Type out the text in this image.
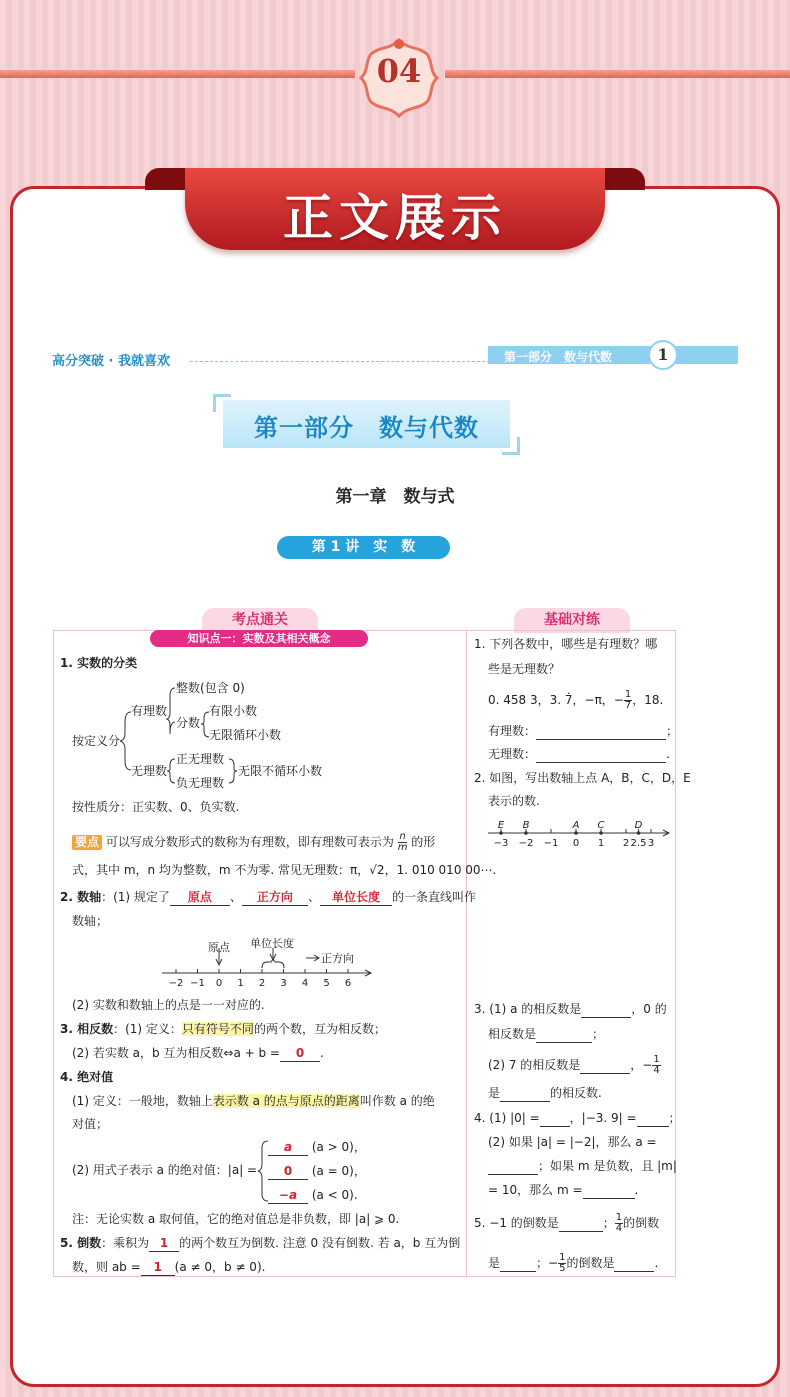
04
正文展示
高分突破 · 我就喜欢	第一部分　数与代数	1
第一部分　数与代数
第一章　数与式
第 1 讲　实　数
考点通关	基础对练
知识点一：实数及其相关概念
1. 实数的分类
按定义分
有理数
整数(包含 0)
分数
有限小数
无限循环小数
无理数
正无理数
负无理数
无限不循环小数
按性质分：正实数、0、负实数.
要点 可以写成分数形式的数称为有理数，即有理数可表示为 $\frac{n}{m}$ 的形
式，其中 m，n 均为整数，m 不为零. 常见无理数：π，√2，1. 010 010 00⋯.
2. 数轴：(1) 规定了 原点 、 正方向 、 单位长度 的一条直线叫作
数轴；
原点 单位长度
正方向
−2 −1	0	1	2	3	4	5	6
(2) 实数和数轴上的点是一一对应的.
3. 相反数：(1) 定义：只有符号不同的两个数，互为相反数；
(2) 若实数 a，b 互为相反数⇔a + b = 0 .
4. 绝对值
(1) 定义：一般地，数轴上表示数 a 的点与原点的距离叫作数 a 的绝
对值；
(2) 用式子表示 a 的绝对值：|a| =
a (a > 0)，
0 (a = 0)，
−a (a < 0).
注：无论实数 a 取何值，它的绝对值总是非负数，即 |a| ⩾ 0.
5. 倒数：乘积为 1 的两个数互为倒数. 注意 0 没有倒数. 若 a，b 互为倒
数，则 ab = 1 (a ≠ 0，b ≠ 0).
1. 下列各数中，哪些是有理数？哪
些是无理数？
0. 458 3，3. 7̇，−π，− $\frac{1}{7}$ ，18.
有理数：	；
无理数：	.
2. 如图，写出数轴上点 A，B，C，D，E
表示的数.
−3 −2 −1	0	1	2 2.5 3
E	B	A	C	D
3. (1) a 的相反数是	，0 的
相反数是	；
(2) 7 的相反数是	，− $\frac{1}{4}$
是	的相反数.
4. (1) |0| =	，|−3. 9| =	；
(2) 如果 |a| = |−2|，那么 a =
；如果 m 是负数，且 |m|
= 10，那么 m =	.
5. −1 的倒数是	； $\frac{1}{4}$ 的倒数
是	；− $\frac{1}{5}$ 的倒数是	.
